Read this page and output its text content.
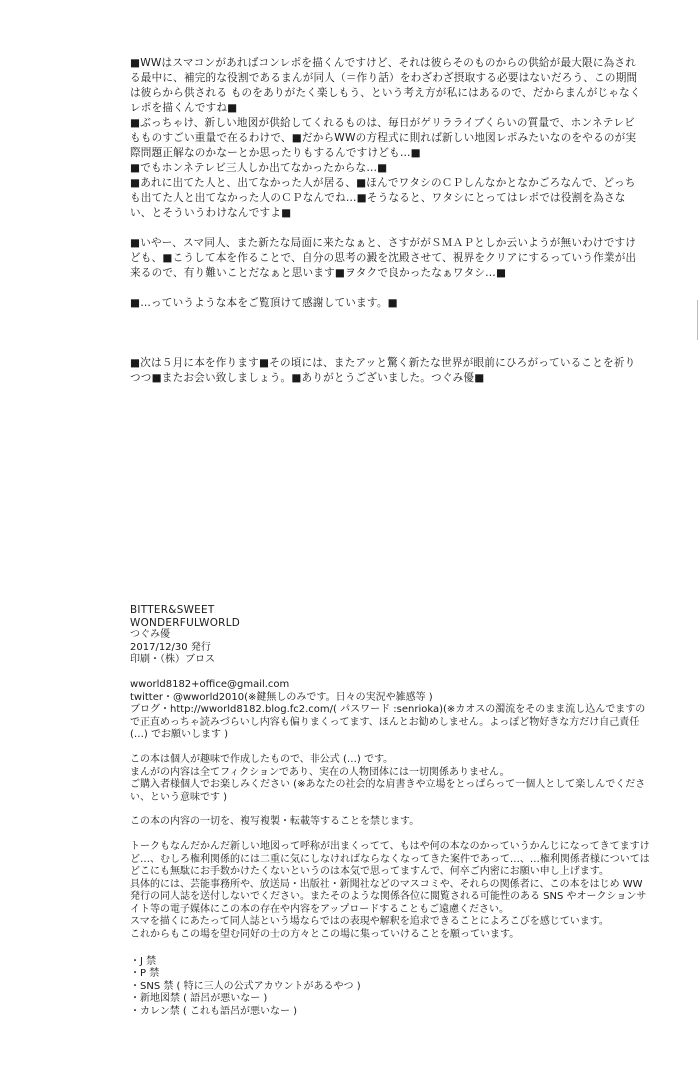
■WWはスマコンがあればコンレポを描くんですけど、それは彼らそのものからの供給が最大限に為される最中に、補完的な役割であるまんが同人（＝作り話）をわざわざ摂取する必要はないだろう、この期間は彼らから供される ものをありがたく楽しもう、という考え方が私にはあるので、だからまんがじゃなくレポを描くんですね■

■ぶっちゃけ、新しい地図が供給してくれるものは、毎日がゲリラライブくらいの質量で、ホンネテレビもものすごい重量で在るわけで、■だからWWの方程式に則れば新しい地図レポみたいなのをやるのが実際問題正解なのかなーとか思ったりもするんですけども…■

■でもホンネテレビ三人しか出てなかったからな…■

■あれに出てた人と、出てなかった人が居る、■ほんでワタシのＣＰしんなかとなかごろなんで、どっちも出てた人と出てなかった人のＣＰなんでね…■そうなると、ワタシにとってはレポでは役割を為さない、とそういうわけなんですよ■

■いやー、スマ同人、また新たな局面に来たなぁと、さすががＳＭＡＰとしか云いようが無いわけですけども、■こうして本を作ることで、自分の思考の澱を沈殿させて、視界をクリアにするっていう作業が出来るので、有り難いことだなぁと思います■ヲタクで良かったなぁワタシ…■

■…っていうような本をご覧頂けて感謝しています。■

■次は５月に本を作ります■その頃には、またアッと驚く新たな世界が眼前にひろがっていることを祈りつつ■またお会い致しましょう。■ありがとうございました。つぐみ優■

BITTER&SWEET

WONDERFULWORLD

つぐみ優

2017/12/30 発行

印刷・（株）ブロス

wworld8182+office@gmail.com

twitter・@wworld2010(※鍵無しのみです。日々の実況や雑感等 )

ブログ・http://wworld8182.blog.fc2.com/( パスワード :senrioka)(※カオスの濁流をそのまま流し込んでますので正直めっちゃ読みづらいし内容も偏りまくってます、ほんとお勧めしません。よっぽど物好きな方だけ自己責任 (…) でお願いします )

この本は個人が趣味で作成したもので、非公式 (…) です。

まんがの内容は全てフィクションであり、実在の人物団体には一切関係ありません。

ご購入者様個人でお楽しみください (※あなたの社会的な肩書きや立場をとっぱらって一個人として楽しんでください、という意味です )

この本の内容の一切を、複写複製・転載等することを禁じます。

トークもなんだかんだ新しい地図って呼称が出まくってて、もはや何の本なのかっていうかんじになってきてますけど…、むしろ権利関係的には二重に気にしなければならなくなってきた案件であって…、…権利関係者様についてはどこにも無駄にお手数かけたくないというのは本気で思ってますんで、何卒ご内密にお願い申し上げます。

具体的には、芸能事務所や、放送局・出版社・新聞社などのマスコミや、それらの関係者に、この本をはじめ WW 発行の同人誌を送付しないでください。またそのような関係各位に閲覧される可能性のある SNS やオークションサイト等の電子媒体にこの本の存在や内容をアップロードすることもご遠慮ください。

スマを描くにあたって同人誌という場ならではの表現や解釈を追求できることによろこびを感じています。

これからもこの場を望む同好の士の方々とこの場に集っていけることを願っています。

・J 禁

・P 禁

・SNS 禁 ( 特に三人の公式アカウントがあるやつ )

・新地図禁 ( 語呂が悪いなー )

・カレン禁 ( これも語呂が悪いなー )
